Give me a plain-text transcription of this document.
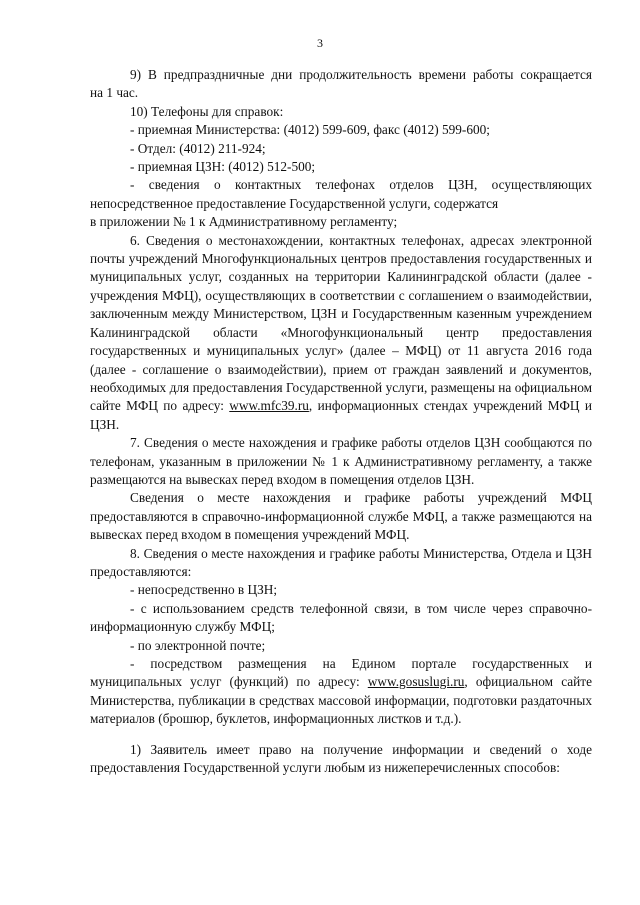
3

9) В предпраздничные дни продолжительность времени работы сокращается

на 1 час.

10) Телефоны для справок:

- приемная Министерства: (4012) 599-609, факс (4012) 599-600;

- Отдел: (4012) 211-924;

- приемная ЦЗН: (4012) 512-500;

- сведения о контактных телефонах отделов ЦЗН, осуществляющих непосредственное предоставление Государственной услуги, содержатся

в приложении № 1 к Административному регламенту;

6. Сведения о местонахождении, контактных телефонах, адресах электронной почты учреждений Многофункциональных центров предоставления государственных и муниципальных услуг, созданных на территории Калининградской области (далее - учреждения МФЦ), осуществляющих в соответствии с соглашением о взаимодействии, заключенным между Министерством, ЦЗН и Государственным казенным учреждением Калининградской области «Многофункциональный центр предоставления государственных и муниципальных услуг» (далее – МФЦ) от 11 августа 2016 года (далее - соглашение о взаимодействии), прием от граждан заявлений и документов, необходимых для предоставления Государственной услуги, размещены на официальном сайте МФЦ по адресу: www.mfc39.ru, информационных стендах учреждений МФЦ и ЦЗН.

7. Сведения о месте нахождения и графике работы отделов ЦЗН сообщаются по телефонам, указанным в приложении № 1 к Административному регламенту, а также размещаются на вывесках перед входом в помещения отделов ЦЗН.

Сведения о месте нахождения и графике работы учреждений МФЦ предоставляются в справочно-информационной службе МФЦ, а также размещаются на вывесках перед входом в помещения учреждений МФЦ.

8. Сведения о месте нахождения и графике работы Министерства, Отдела и ЦЗН предоставляются:

- непосредственно в ЦЗН;

- с использованием средств телефонной связи, в том числе через справочно-информационную службу МФЦ;

- по электронной почте;

- посредством размещения на Едином портале государственных и муниципальных услуг (функций) по адресу: www.gosuslugi.ru, официальном сайте Министерства, публикации в средствах массовой информации, подготовки раздаточных материалов (брошюр, буклетов, информационных листков и т.д.).

1) Заявитель имеет право на получение информации и сведений о ходе предоставления Государственной услуги любым из нижеперечисленных способов:
